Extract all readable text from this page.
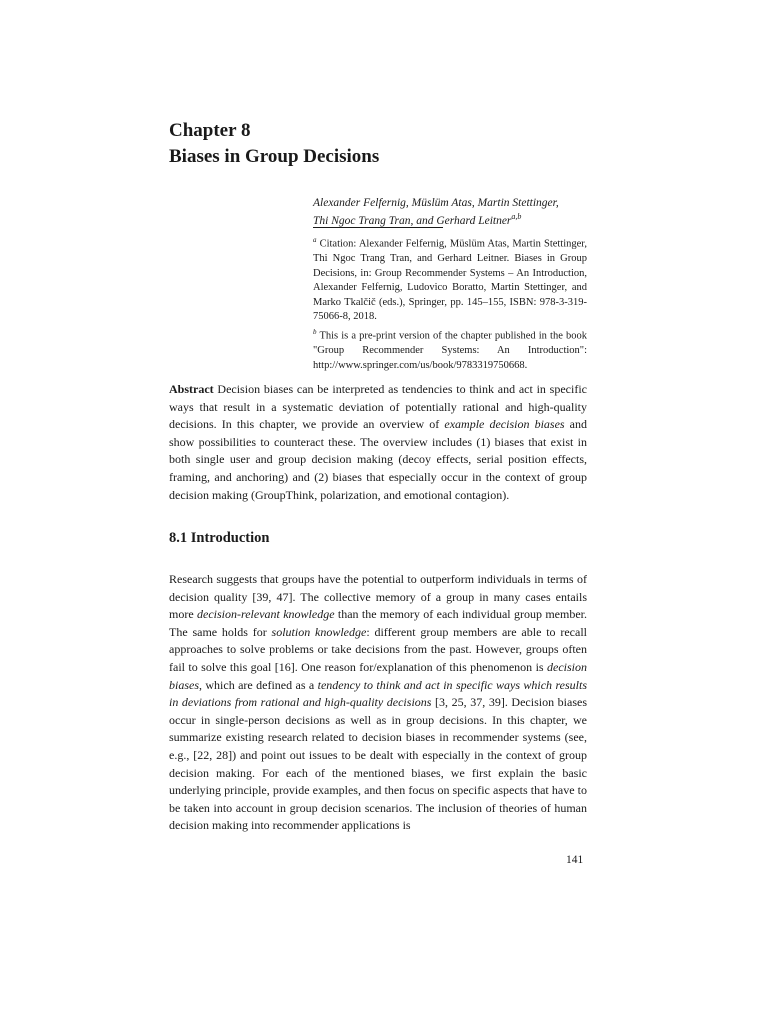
Chapter 8
Biases in Group Decisions
Alexander Felfernig, Müslüm Atas, Martin Stettinger,
Thi Ngoc Trang Tran, and Gerhard Leitner$^{a,b}$

$^a$ Citation: Alexander Felfernig, Müslüm Atas, Martin Stettinger, Thi Ngoc Trang Tran, and Gerhard Leitner. Biases in Group Decisions, in: Group Recommender Systems – An Introduction, Alexander Felfernig, Ludovico Boratto, Martin Stettinger, and Marko Tkalčič (eds.), Springer, pp. 145–155, ISBN: 978-3-319-75066-8, 2018.

$^b$ This is a pre-print version of the chapter published in the book "Group Recommender Systems: An Introduction": http://www.springer.com/us/book/9783319750668.

Abstract Decision biases can be interpreted as tendencies to think and act in specific ways that result in a systematic deviation of potentially rational and high-quality decisions. In this chapter, we provide an overview of example decision biases and show possibilities to counteract these. The overview includes (1) biases that exist in both single user and group decision making (decoy effects, serial position effects, framing, and anchoring) and (2) biases that especially occur in the context of group decision making (GroupThink, polarization, and emotional contagion).

8.1 Introduction

Research suggests that groups have the potential to outperform individuals in terms of decision quality [39, 47]. The collective memory of a group in many cases entails more decision-relevant knowledge than the memory of each individual group member. The same holds for solution knowledge: different group members are able to recall approaches to solve problems or take decisions from the past. However, groups often fail to solve this goal [16]. One reason for/explanation of this phenomenon is decision biases, which are defined as a tendency to think and act in specific ways which results in deviations from rational and high-quality decisions [3, 25, 37, 39]. Decision biases occur in single-person decisions as well as in group decisions. In this chapter, we summarize existing research related to decision biases in recommender systems (see, e.g., [22, 28]) and point out issues to be dealt with especially in the context of group decision making. For each of the mentioned biases, we first explain the basic underlying principle, provide examples, and then focus on specific aspects that have to be taken into account in group decision scenarios. The inclusion of theories of human decision making into recommender applications is

141
